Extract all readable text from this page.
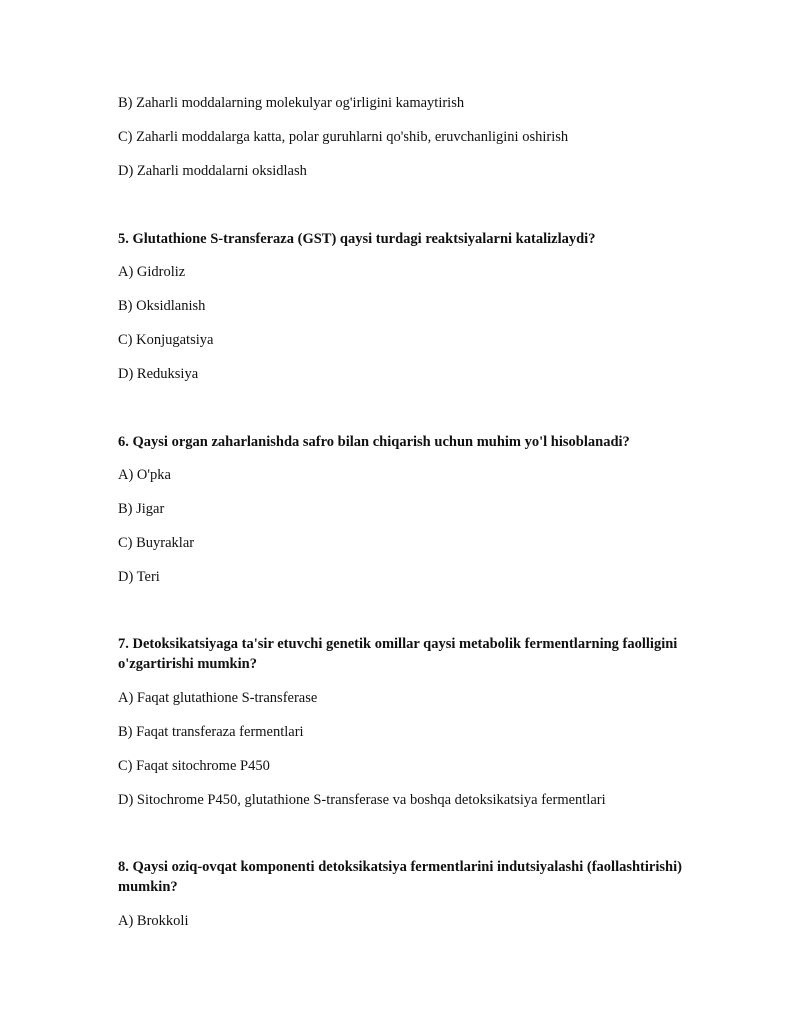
B) Zaharli moddalarning molekulyar og'irligini kamaytirish
C) Zaharli moddalarga katta, polar guruhlarni qo'shib, eruvchanligini oshirish
D) Zaharli moddalarni oksidlash
5. Glutathione S-transferaza (GST) qaysi turdagi reaktsiyalarni katalizlaydi?
A) Gidroliz
B) Oksidlanish
C) Konjugatsiya
D) Reduksiya
6. Qaysi organ zaharlanishda safro bilan chiqarish uchun muhim yo'l hisoblanadi?
A) O'pka
B) Jigar
C) Buyraklar
D) Teri
7. Detoksikatsiyaga ta'sir etuvchi genetik omillar qaysi metabolik fermentlarning faolligini o'zgartirishi mumkin?
A) Faqat glutathione S-transferase
B) Faqat transferaza fermentlari
C) Faqat sitochrome P450
D) Sitochrome P450, glutathione S-transferase va boshqa detoksikatsiya fermentlari
8. Qaysi oziq-ovqat komponenti detoksikatsiya fermentlarini indutsiyalashi (faollashtirishi) mumkin?
A) Brokkoli
